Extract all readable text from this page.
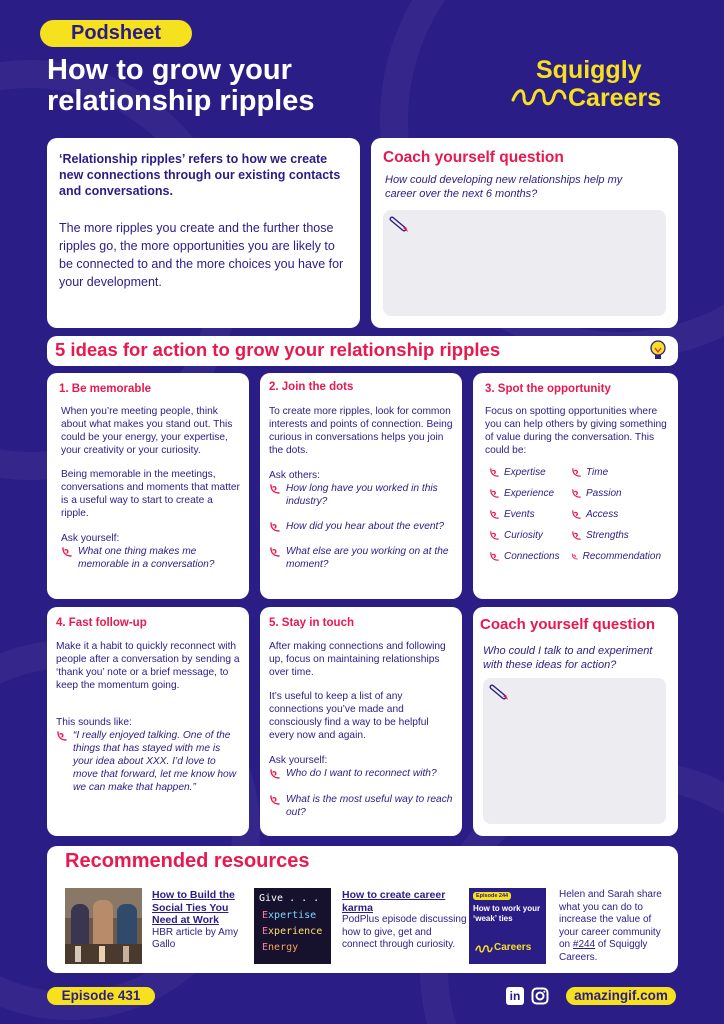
Podsheet
How to grow your
relationship ripples
Squiggly
Careers
‘Relationship ripples’ refers to how we create new connections through our existing contacts and conversations.
The more ripples you create and the further those ripples go, the more opportunities you are likely to be connected to and the more choices you have for your development.
Coach yourself question
How could developing new relationships help my career over the next 6 months?
5 ideas for action to grow your relationship ripples
1. Be memorable
When you’re meeting people, think about what makes you stand out. This could be your energy, your expertise, your creativity or your curiosity.
Being memorable in the meetings, conversations and moments that matter is a useful way to start to create a ripple.
Ask yourself:
What one thing makes me memorable in a conversation?
2. Join the dots
To create more ripples, look for common interests and points of connection. Being curious in conversations helps you join the dots.
Ask others:
How long have you worked in this industry?
How did you hear about the event?
What else are you working on at the moment?
3. Spot the opportunity
Focus on spotting opportunities where you can help others by giving something of value during the conversation. This could be:
Expertise	Time
Experience	Passion
Events	Access
Curiosity	Strengths
Connections Recommendation
4. Fast follow-up
Make it a habit to quickly reconnect with people after a conversation by sending a ‘thank you’ note or a brief message, to keep the momentum going.
This sounds like:
“I really enjoyed talking. One of the things that has stayed with me is your idea about XXX. I’d love to move that forward, let me know how we can make that happen.”
5. Stay in touch
After making connections and following up, focus on maintaining relationships over time.
It’s useful to keep a list of any connections you’ve made and consciously find a way to be helpful every now and again.
Ask yourself:
Who do I want to reconnect with?
What is the most useful way to reach out?
Coach yourself question
Who could I talk to and experiment with these ideas for action?
Recommended resources
How to Build the Social Ties You Need at Work
HBR article by Amy Gallo
Give . . .
Expertise
Experience
Energy
How to create career karma
PodPlus episode discussing how to give, get and connect through curiosity.
Episode 244
How to work your ‘weak’ ties
Careers
Helen and Sarah share what you can do to increase the value of your career community on #244 of Squiggly Careers.
Episode 431	in	amazingif.com
